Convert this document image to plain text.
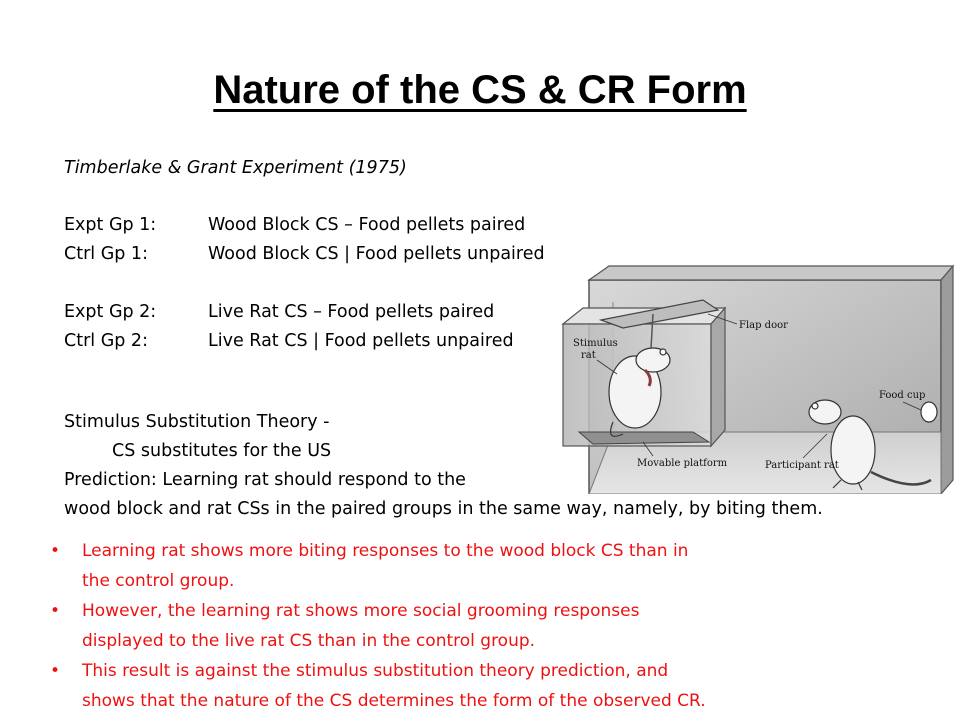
Nature of the CS & CR Form
Timberlake & Grant Experiment (1975)
Expt Gp 1:	Wood Block CS – Food pellets paired
Ctrl Gp 1:	Wood Block CS | Food pellets unpaired
Expt Gp 2:	Live Rat CS – Food pellets paired
Ctrl Gp 2:	Live Rat CS | Food pellets unpaired
Flap door
Stimulus
rat
Food cup
Movable platform	Participant rat
Stimulus Substitution Theory -
CS substitutes for the US
Prediction: Learning rat should respond to the
wood block and rat CSs in the paired groups in the same way, namely, by biting them.
• Learning rat shows more biting responses to the wood block CS than in
the control group.
• However, the learning rat shows more social grooming responses
displayed to the live rat CS than in the control group.
• This result is against the stimulus substitution theory prediction, and
shows that the nature of the CS determines the form of the observed CR.
